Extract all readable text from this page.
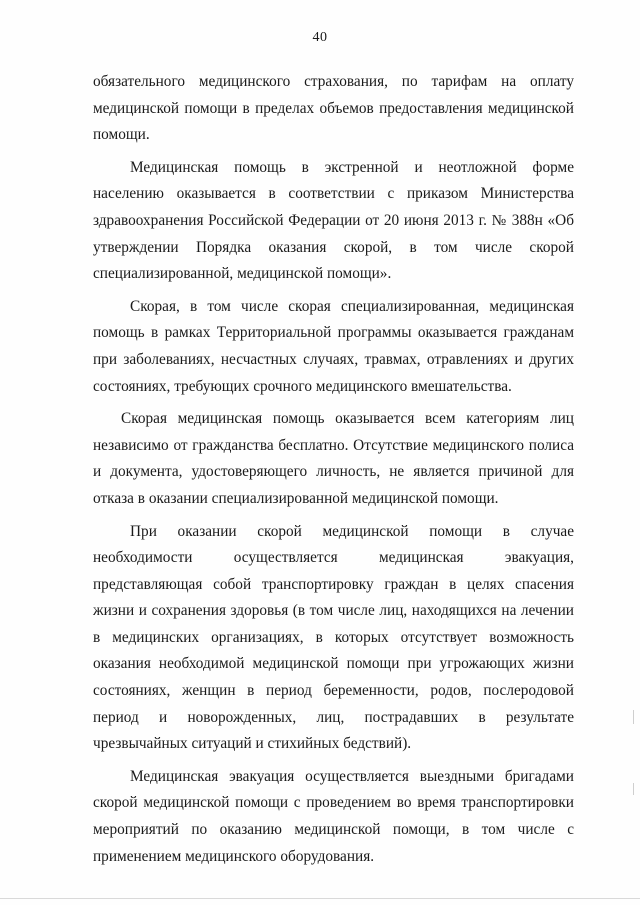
40

обязательного медицинского страхования, по тарифам на оплату медицинской помощи в пределах объемов предоставления медицинской помощи.

Медицинская помощь в экстренной и неотложной форме населению оказывается в соответствии с приказом Министерства здравоохранения Российской Федерации от 20 июня 2013 г. № 388н «Об утверждении Порядка оказания скорой, в том числе скорой специализированной, медицинской помощи».

Скорая, в том числе скорая специализированная, медицинская помощь в рамках Территориальной программы оказывается гражданам при заболеваниях, несчастных случаях, травмах, отравлениях и других состояниях, требующих срочного медицинского вмешательства.

Скорая медицинская помощь оказывается всем категориям лиц независимо от гражданства бесплатно. Отсутствие медицинского полиса и документа, удостоверяющего личность, не является причиной для отказа в оказании специализированной медицинской помощи.

При оказании скорой медицинской помощи в случае необходимости осуществляется медицинская эвакуация, представляющая собой транспортировку граждан в целях спасения жизни и сохранения здоровья (в том числе лиц, находящихся на лечении в медицинских организациях, в которых отсутствует возможность оказания необходимой медицинской помощи при угрожающих жизни состояниях, женщин в период беременности, родов, послеродовой период и новорожденных, лиц, пострадавших в результате чрезвычайных ситуаций и стихийных бедствий).

Медицинская эвакуация осуществляется выездными бригадами скорой медицинской помощи с проведением во время транспортировки мероприятий по оказанию медицинской помощи, в том числе с применением медицинского оборудования.
